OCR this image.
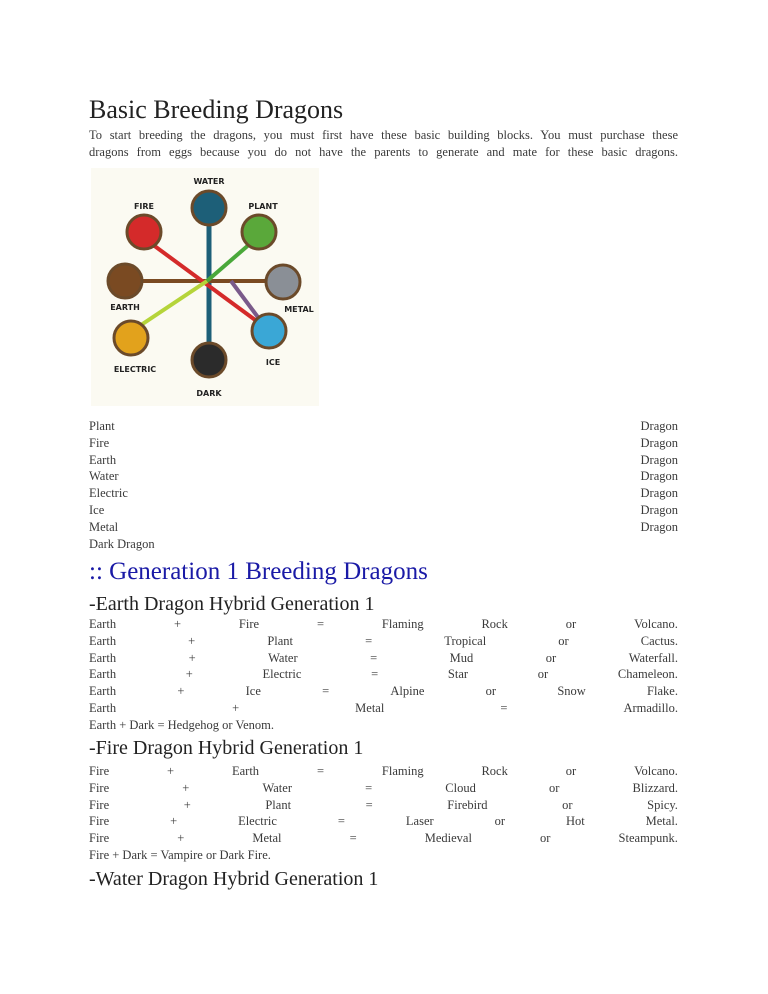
Basic Breeding Dragons

To start breeding the dragons, you must first have these basic building blocks. You must purchase these

dragons from eggs because you do not have the parents to generate and mate for these basic dragons.

WATER
PLANT
METAL
ICE
DARK
ELECTRIC
EARTH
FIRE
Plant	Dragon
Fire	Dragon
Earth	Dragon
Water	Dragon
Electric	Dragon
Ice	Dragon
Metal	Dragon
Dark Dragon
:: Generation 1 Breeding Dragons
-Earth Dragon Hybrid Generation 1
Earth	+	Fire	=	Flaming	Rock	or	Volcano.
Earth	+	Plant	=	Tropical	or	Cactus.
Earth	+	Water	=	Mud	or	Waterfall.
Earth	+	Electric	=	Star	or	Chameleon.
Earth	+	Ice	=	Alpine	or	Snow	Flake.
Earth	+	Metal	=	Armadillo.
Earth + Dark = Hedgehog or Venom.
-Fire Dragon Hybrid Generation 1
Fire	+	Earth	=	Flaming	Rock	or	Volcano.
Fire	+	Water	=	Cloud	or	Blizzard.
Fire	+	Plant	=	Firebird	or	Spicy.
Fire	+	Electric	=	Laser	or	Hot	Metal.
Fire	+	Metal	=	Medieval	or	Steampunk.
Fire + Dark = Vampire or Dark Fire.
-Water Dragon Hybrid Generation 1
